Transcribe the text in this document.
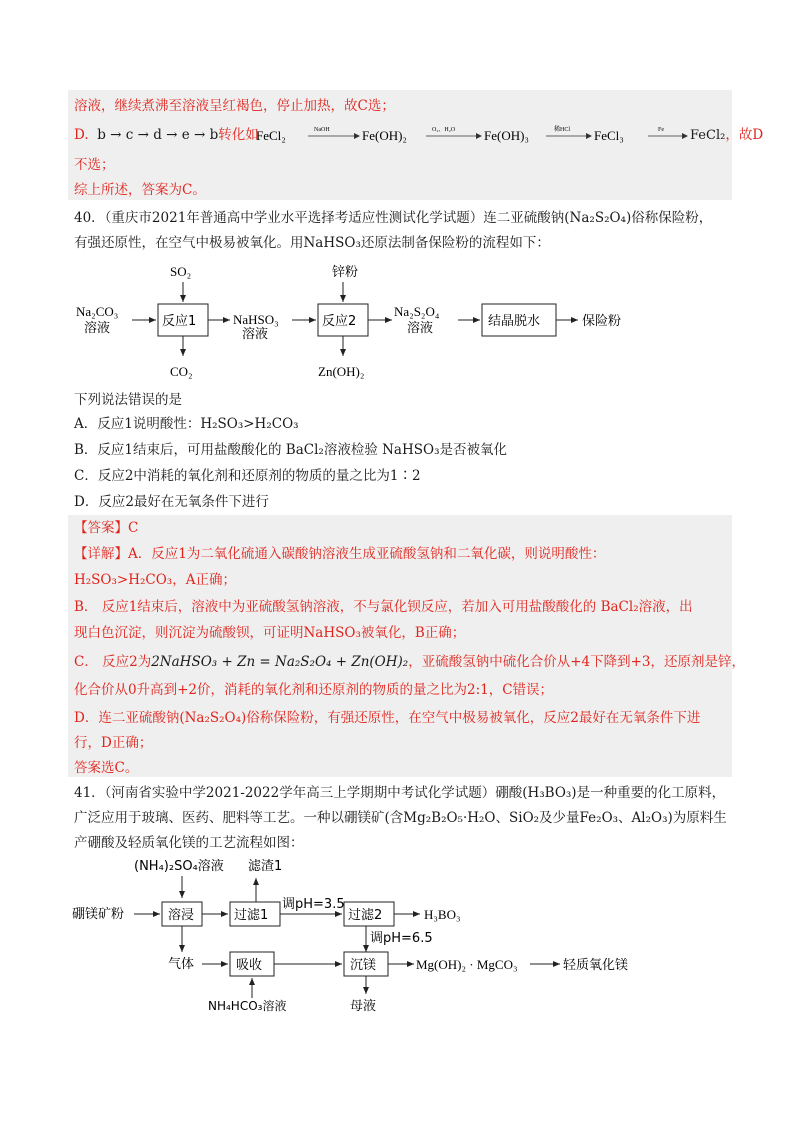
溶液，继续煮沸至溶液呈红褐色，停止加热，故C选；
D. b → c → d → e → b转化如
FeCl₂	NaOH Fe(OH)₂	O₂、H₂O Fe(OH)₃	稀HCl FeCl₃	Fe FeCl₂，故D
不选；
综上所述，答案为C。
40．（重庆市2021年普通高中学业水平选择考适应性测试化学试题）连二亚硫酸钠(Na₂S₂O₄)俗称保险粉，
有强还原性，在空气中极易被氧化。用NaHSO₃还原法制备保险粉的流程如下：
Na₂CO₃
溶液	反应1
SO₂
CO₂
NaHSO₃
溶液
反应2
锌粉
Zn(OH)₂
Na₂S₂O₄
溶液	结晶脱水	保险粉
下列说法错误的是
A．反应1说明酸性：H₂SO₃>H₂CO₃
B．反应1结束后，可用盐酸酸化的 BaCl₂溶液检验 NaHSO₃是否被氧化
C．反应2中消耗的氧化剂和还原剂的物质的量之比为1∶2
D．反应2最好在无氧条件下进行
【答案】C
【详解】A．反应1为二氧化硫通入碳酸钠溶液生成亚硫酸氢钠和二氧化碳，则说明酸性：
H₂SO₃>H₂CO₃，A正确；
B． 反应1结束后，溶液中为亚硫酸氢钠溶液，不与氯化钡反应，若加入可用盐酸酸化的 BaCl₂溶液，出
现白色沉淀，则沉淀为硫酸钡，可证明NaHSO₃被氧化，B正确；
C． 反应2为2NaHSO₃ + Zn = Na₂S₂O₄ + Zn(OH)₂，亚硫酸氢钠中硫化合价从+4下降到+3，还原剂是锌，
化合价从0升高到+2价，消耗的氧化剂和还原剂的物质的量之比为2:1，C错误；
D．连二亚硫酸钠(Na₂S₂O₄)俗称保险粉，有强还原性，在空气中极易被氧化，反应2最好在无氧条件下进
行，D正确；
答案选C。
41．（河南省实验中学2021-2022学年高三上学期期中考试化学试题）硼酸(H₃BO₃)是一种重要的化工原料，
广泛应用于玻璃、医药、肥料等工艺。一种以硼镁矿(含Mg₂B₂O₅·H₂O、SiO₂及少量Fe₂O₃、Al₂O₃)为原料生
产硼酸及轻质氧化镁的工艺流程如图：
(NH₄)₂SO₄溶液 滤渣1
硼镁矿粉	溶浸	过滤1
调pH=3.5
过滤2	H₃BO₃
调pH=6.5
气体	吸收	沉镁	Mg(OH)₂ · MgCO₃	轻质氧化镁
NH₄HCO₃溶液	母液
